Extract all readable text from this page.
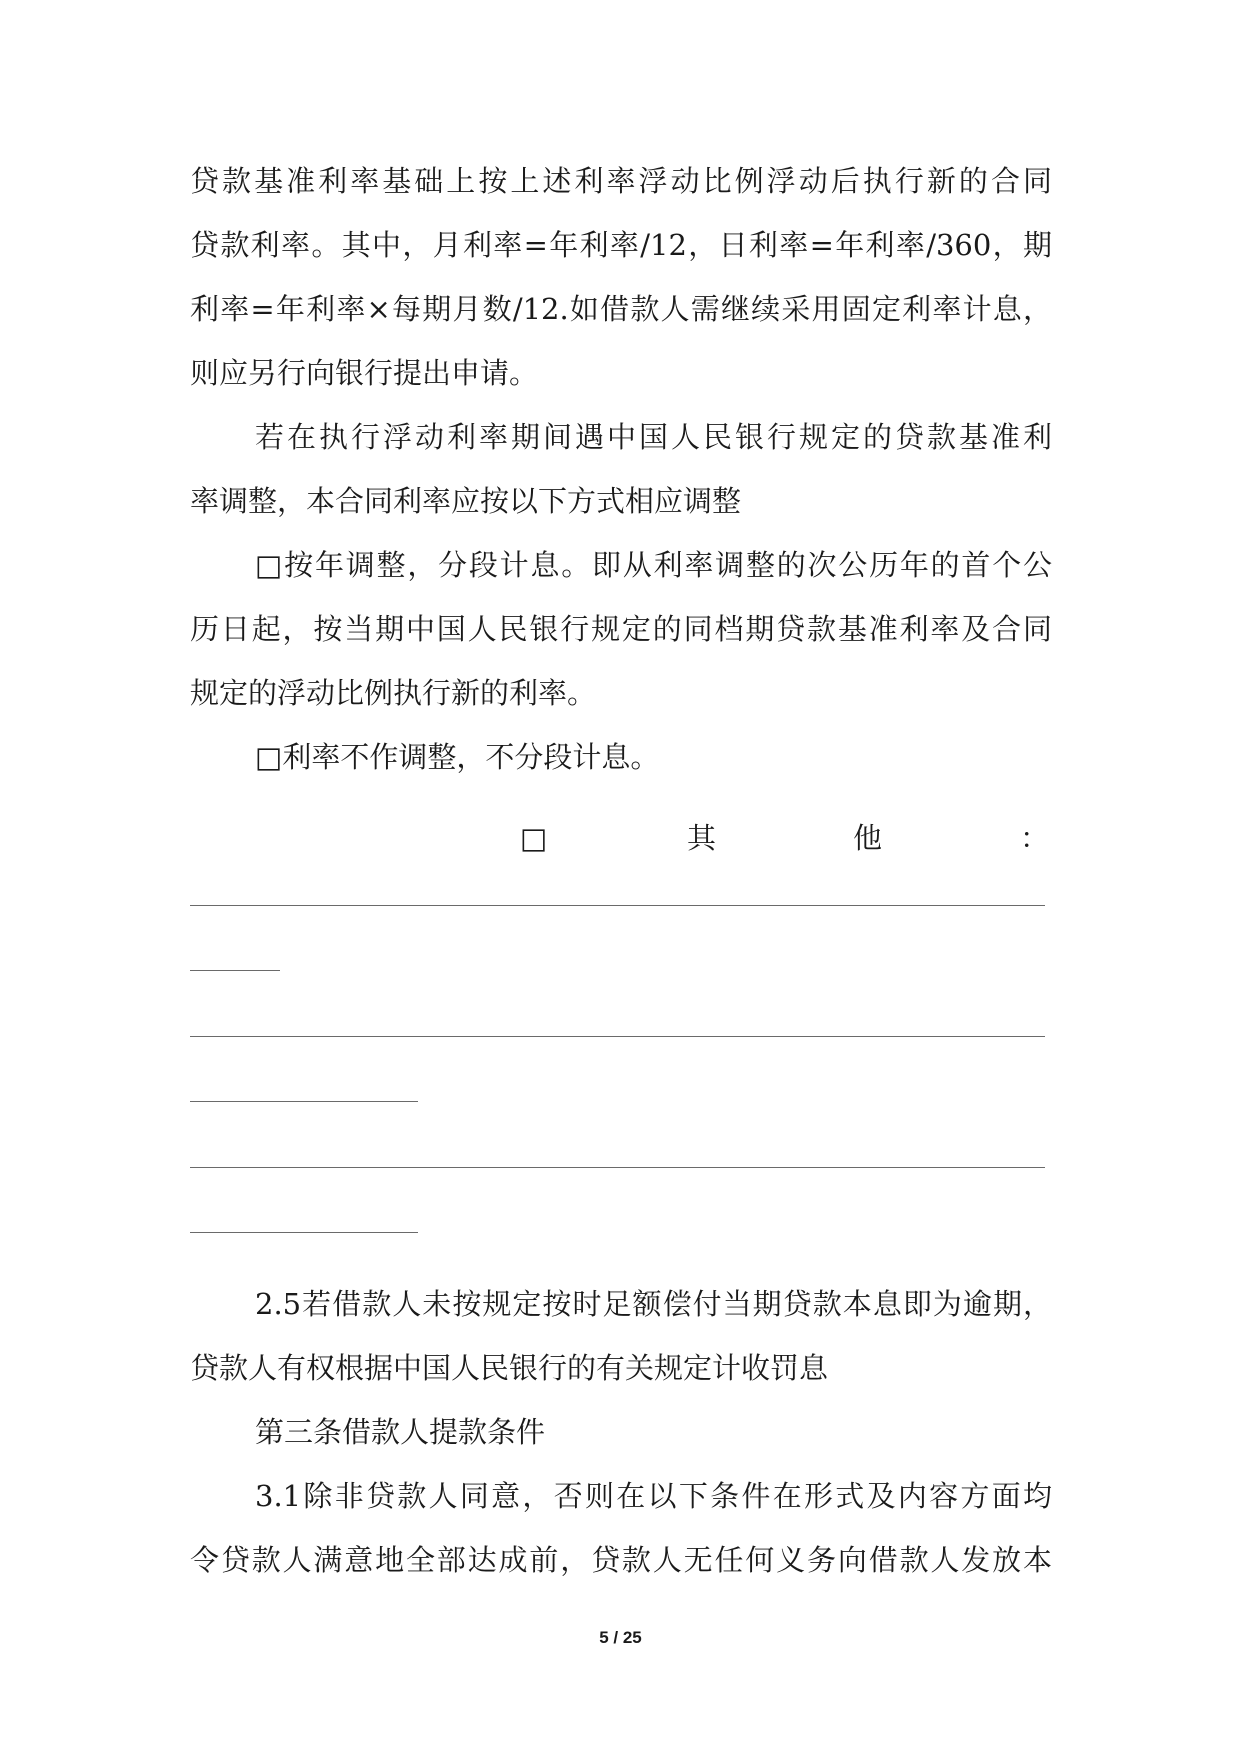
贷款基准利率基础上按上述利率浮动比例浮动后执行新的合同
贷款利率。其中，月利率=年利率/12，日利率=年利率/360，期
利率=年利率×每期月数/12.如借款人需继续采用固定利率计息，
则应另行向银行提出申请。
若在执行浮动利率期间遇中国人民银行规定的贷款基准利
率调整，本合同利率应按以下方式相应调整
□按年调整，分段计息。即从利率调整的次公历年的首个公
历日起，按当期中国人民银行规定的同档期贷款基准利率及合同
规定的浮动比例执行新的利率。
□利率不作调整，不分段计息。
□	其	他	：
2.5若借款人未按规定按时足额偿付当期贷款本息即为逾期，
贷款人有权根据中国人民银行的有关规定计收罚息
第三条借款人提款条件
3.1除非贷款人同意，否则在以下条件在形式及内容方面均
令贷款人满意地全部达成前，贷款人无任何义务向借款人发放本
5 / 25
